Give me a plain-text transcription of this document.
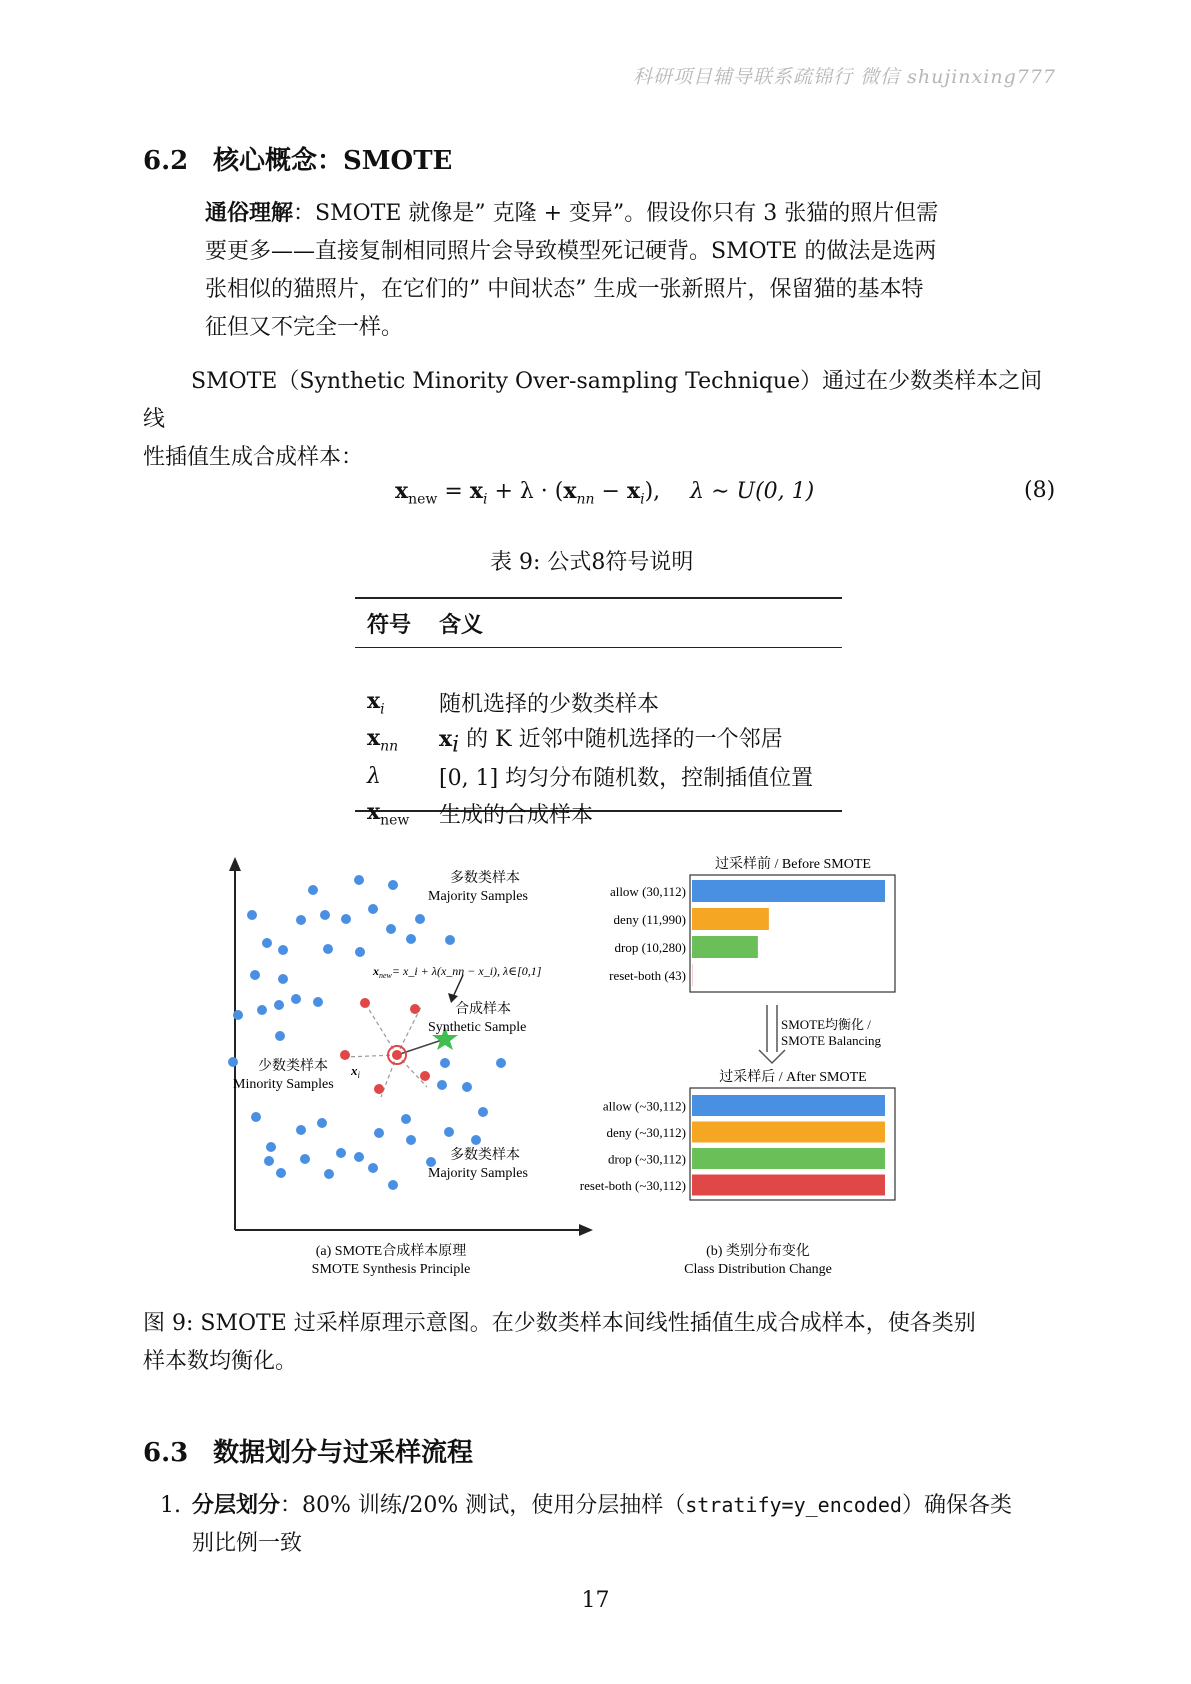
科研项目辅导联系疏锦行 微信 shujinxing777
6.2 核心概念：SMOTE
通俗理解：SMOTE 就像是” 克隆 + 变异”。假设你只有 3 张猫的照片但需
要更多——直接复制相同照片会导致模型死记硬背。SMOTE 的做法是选两
张相似的猫照片，在它们的” 中间状态” 生成一张新照片，保留猫的基本特
征但又不完全一样。
SMOTE（Synthetic Minority Over-sampling Technique）通过在少数类样本之间线
性插值生成合成样本：
$x_{new} = x_i + \lambda \cdot (x_{nn} - x_i)$, λ ∼ U(0, 1)	(8)
表 9: 公式8符号说明
符号	含义

$x_i$	随机选择的少数类样本
$x_{nn}$	$x_i$ 的 K 近邻中随机选择的一个邻居
λ	[0, 1] 均匀分布随机数，控制插值位置
$x_{new}$	生成的合成样本
多数类样本
Majority Samples
多数类样本
Majority Samples
少数类样本
Minority Samples
合成样本
Synthetic Sample
$x_{new}=$ x_i + λ(x_nn − x_i), λ∈[0,1]
$x_i$
(a) SMOTE合成样本原理
SMOTE Synthesis Principle
过采样前 / Before SMOTE
allow (30,112)
deny (11,990)
drop (10,280)
reset-both (43)
SMOTE均衡化 /
SMOTE Balancing
过采样后 / After SMOTE
allow (~30,112)
deny (~30,112)
drop (~30,112)
reset-both (~30,112)
(b) 类别分布变化
Class Distribution Change
图 9: SMOTE 过采样原理示意图。在少数类样本间线性插值生成合成样本，使各类别
样本数均衡化。
6.3 数据划分与过采样流程
1. 分层划分：80% 训练/20% 测试，使用分层抽样（stratify=y_encoded）确保各类
别比例一致
17
